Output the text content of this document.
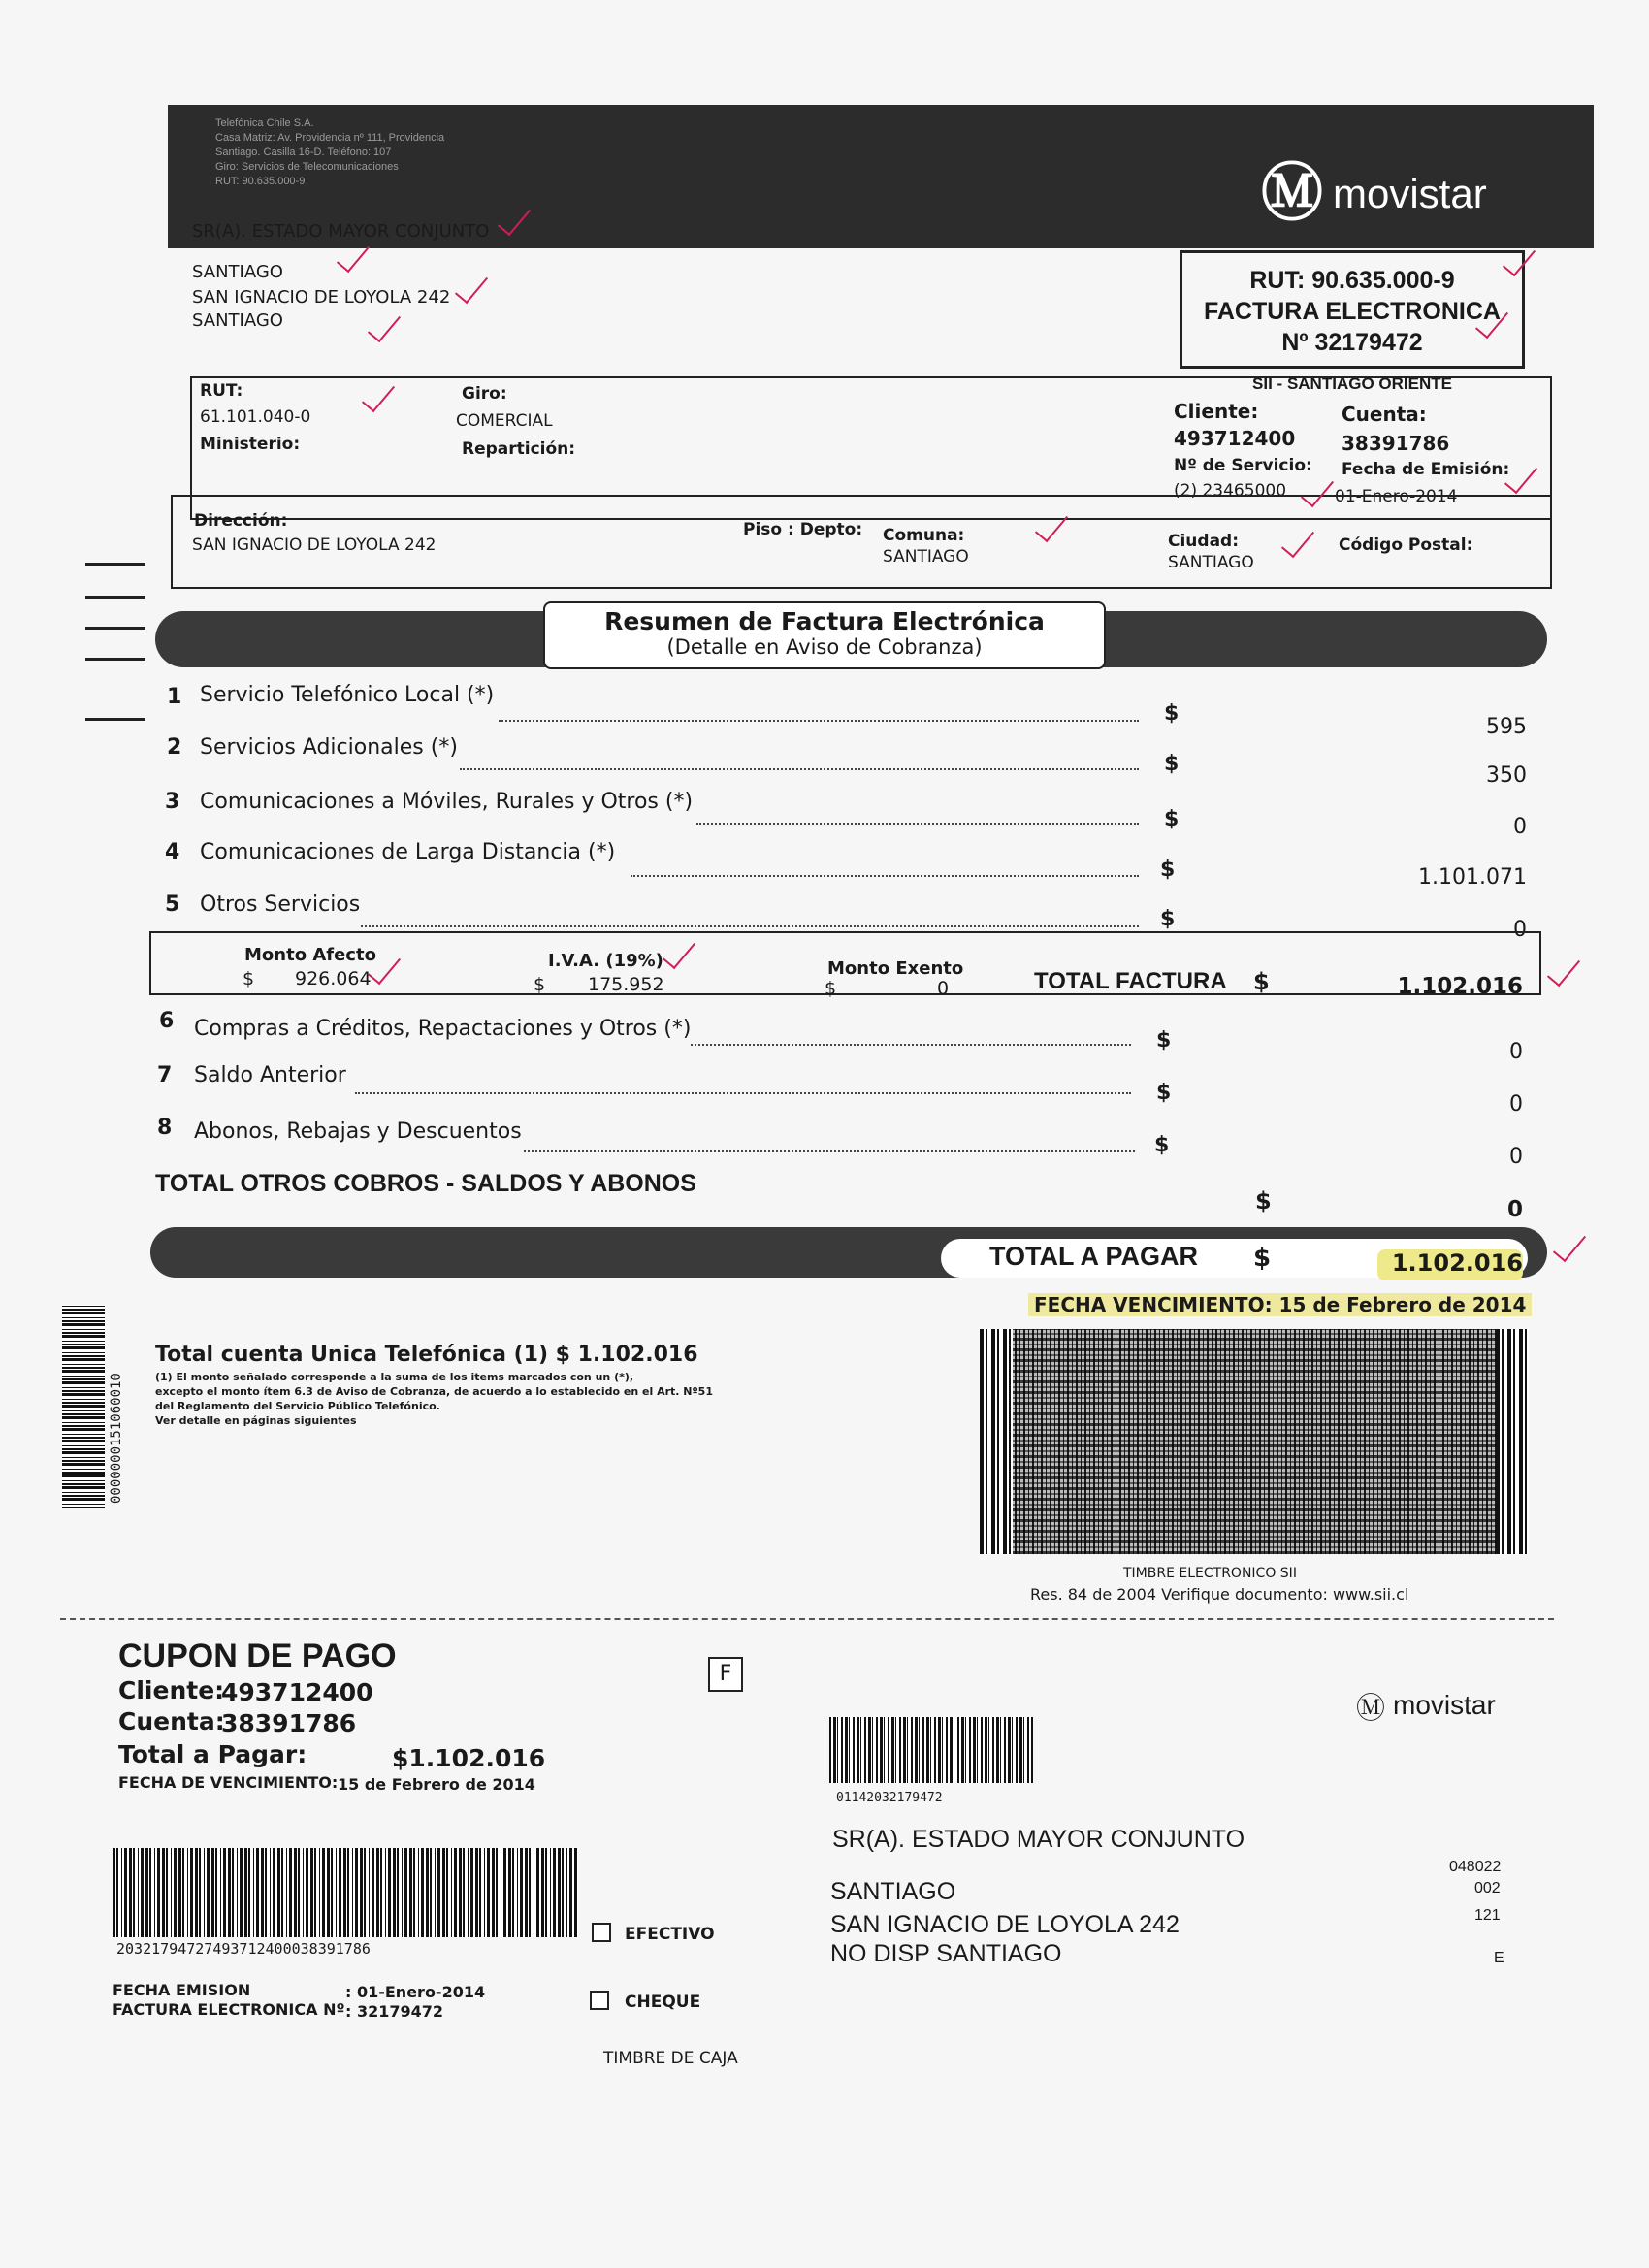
Telefónica Chile S.A.
Casa Matriz: Av. Providencia nº 111, Providencia
Santiago. Casilla 16-D. Teléfono: 107
Giro: Servicios de Telecomunicaciones
RUT: 90.635.000-9	Ⓜ movistar
SR(A). ESTADO MAYOR CONJUNTO
SANTIAGO
SAN IGNACIO DE LOYOLA 242
SANTIAGO
RUT: 90.635.000-9
FACTURA ELECTRONICA
Nº 32179472
SII - SANTIAGO ORIENTE
RUT:
61.101.040-0
Ministerio:
Giro:
COMERCIAL
Repartición:
Cliente:
493712400
Nº de Servicio:
(2) 23465000
Cuenta:
38391786
Fecha de Emisión:
01-Enero-2014
Dirección:
SAN IGNACIO DE LOYOLA 242
Piso : Depto: Comuna:
SANTIAGO
Ciudad:
SANTIAGO
Código Postal:
Resumen de Factura Electrónica
(Detalle en Aviso de Cobranza)
1 Servicio Telefónico Local (*)
$
595
2 Servicios Adicionales (*)
$	350
3 Comunicaciones a Móviles, Rurales y Otros (*)
$	0
4 Comunicaciones de Larga Distancia (*)
$	1.101.071
5 Otros Servicios
$	0
Monto Afecto
$ 926.064
I.V.A. (19%)
$ 175.952
Monto Exento
$	0	TOTAL FACTURA $	1.102.016
6 Compras a Créditos, Repactaciones y Otros (*)	$	0
7 Saldo Anterior
$	0
8 Abonos, Rebajas y Descuentos
$	0
TOTAL OTROS COBROS - SALDOS Y ABONOS
$	0
TOTAL A PAGAR $	1.102.016
FECHA VENCIMIENTO: 15 de Febrero de 2014
0000000151060010
Total cuenta Unica Telefónica (1) $ 1.102.016
(1) El monto señalado corresponde a la suma de los items marcados con un (*),
excepto el monto ítem 6.3 de Aviso de Cobranza, de acuerdo a lo establecido en el Art. Nº51
del Reglamento del Servicio Público Telefónico.
Ver detalle en páginas siguientes
TIMBRE ELECTRONICO SII
Res. 84 de 2004 Verifique documento: www.sii.cl
CUPON DE PAGO
Cliente:
493712400
Cuenta:
38391786
Total a Pagar:	$1.102.016
FECHA DE VENCIMIENTO: 15 de Febrero de 2014
F
01142032179472
Ⓜ movistar
SR(A). ESTADO MAYOR CONJUNTO
SANTIAGO
SAN IGNACIO DE LOYOLA 242
NO DISP SANTIAGO
048022
002
121
E
20321794727493712400038391786
FECHA EMISION	: 01-Enero-2014
FACTURA ELECTRONICA Nº : 32179472
EFECTIVO
CHEQUE
TIMBRE DE CAJA
